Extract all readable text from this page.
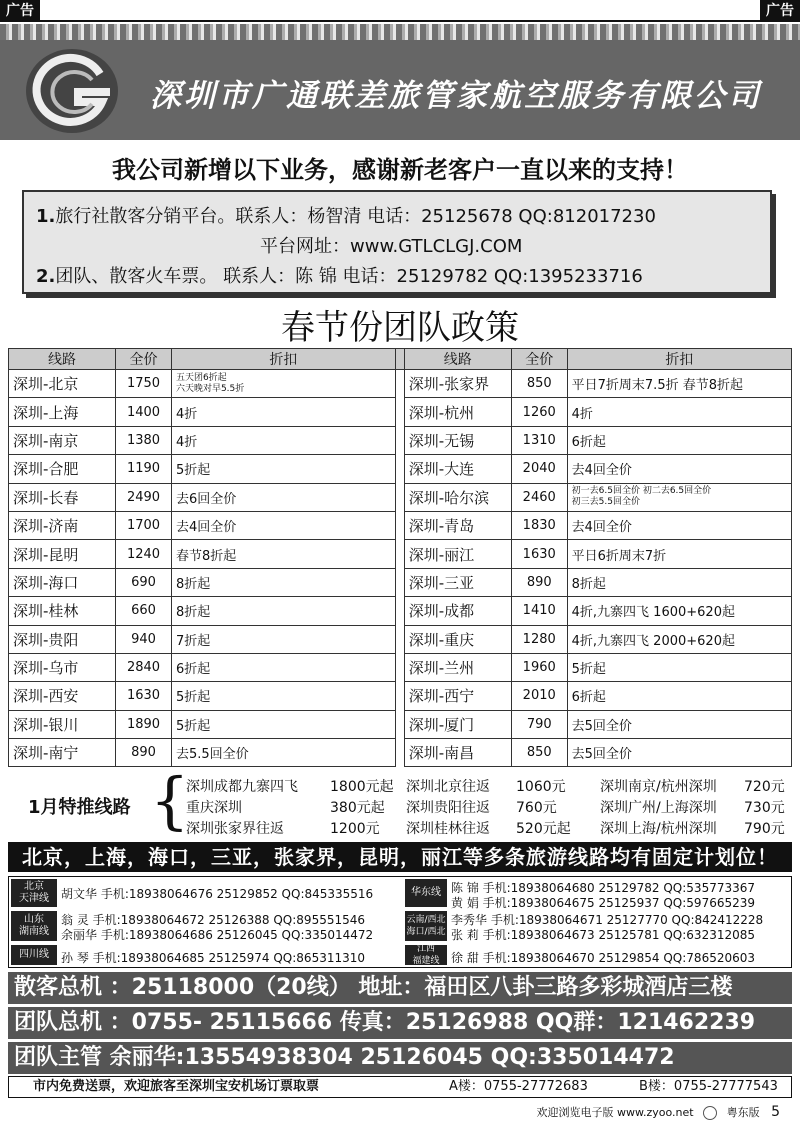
广告	广告
深圳市广通联差旅管家航空服务有限公司
我公司新增以下业务，感谢新老客户一直以来的支持！
1.旅行社散客分销平台。联系人：杨智清 电话：25125678 QQ:812017230
平台网址：www.GTLCLGJ.COM
2.团队、散客火车票。 联系人：陈 锦 电话：25129782 QQ:1395233716
春节份团队政策
线路	全价	折扣		线路	全价	折扣
深圳-北京	1750	五天团6折起
六天晚对早5.5折		深圳-张家界	850	平日7折周末7.5折 春节8折起

深圳-上海	1400	4折		深圳-杭州	1260	4折

深圳-南京	1380	4折		深圳-无锡	1310	6折起

深圳-合肥	1190	5折起		深圳-大连	2040	去4回全价

深圳-长春	2490	去6回全价		深圳-哈尔滨	2460	初一去6.5回全价 初二去6.5回全价
初三去5.5回全价

深圳-济南	1700	去4回全价		深圳-青岛	1830	去4回全价

深圳-昆明	1240	春节8折起		深圳-丽江	1630	平日6折周末7折

深圳-海口	690	8折起		深圳-三亚	890	8折起

深圳-桂林	660	8折起		深圳-成都	1410	4折,九寨四飞 1600+620起

深圳-贵阳	940	7折起		深圳-重庆	1280	4折,九寨四飞 2000+620起

深圳-乌市	2840	6折起		深圳-兰州	1960	5折起

深圳-西安	1630	5折起		深圳-西宁	2010	6折起

深圳-银川	1890	5折起		深圳-厦门	790	去5回全价

深圳-南宁	890	去5.5回全价		深圳-南昌	850	去5回全价
1月特推线路 {
深圳成都九寨四飞 1800元起
重庆深圳	380元起
深圳张家界往返	1200元
深圳北京往返 1060元
深圳贵阳往返 760元
深圳桂林往返 520元起
深圳南京/杭州深圳 720元
深圳广州/上海深圳 730元
深圳上海/杭州深圳 790元
北京，上海，海口，三亚，张家界，昆明，丽江等多条旅游线路均有固定计划位！
北京
天津线	胡文华 手机:18938064676 25129852 QQ:845335516
山东
湖南线
翁 灵 手机:18938064672 25126388 QQ:895551546
余丽华 手机:18938064686 25126045 QQ:335014472
四川线	孙 琴 手机:18938064685 25125974 QQ:865311310
华东线 陈 锦 手机:18938064680 25129782 QQ:535773367
黄 娟 手机:18938064675 25125937 QQ:597665239
云南/西北
海口/西北
李秀华 手机:18938064671 25127770 QQ:842412228
张 莉 手机:18938064673 25125781 QQ:632312085
江西
福建线 徐 甜 手机:18938064670 25129854 QQ:786520603
散客总机 ：25118000（20线） 地址：福田区八卦三路多彩城酒店三楼
团队总机 ：0755- 25115666 传真：25126988 QQ群：121462239
团队主管 余丽华:13554938304 25126045 QQ:335014472
市内免费送票，欢迎旅客至深圳宝安机场订票取票	A楼：0755-27772683	B楼：0755-27777543
欢迎浏览电子版 www.zyoo.net	粤东版 5
